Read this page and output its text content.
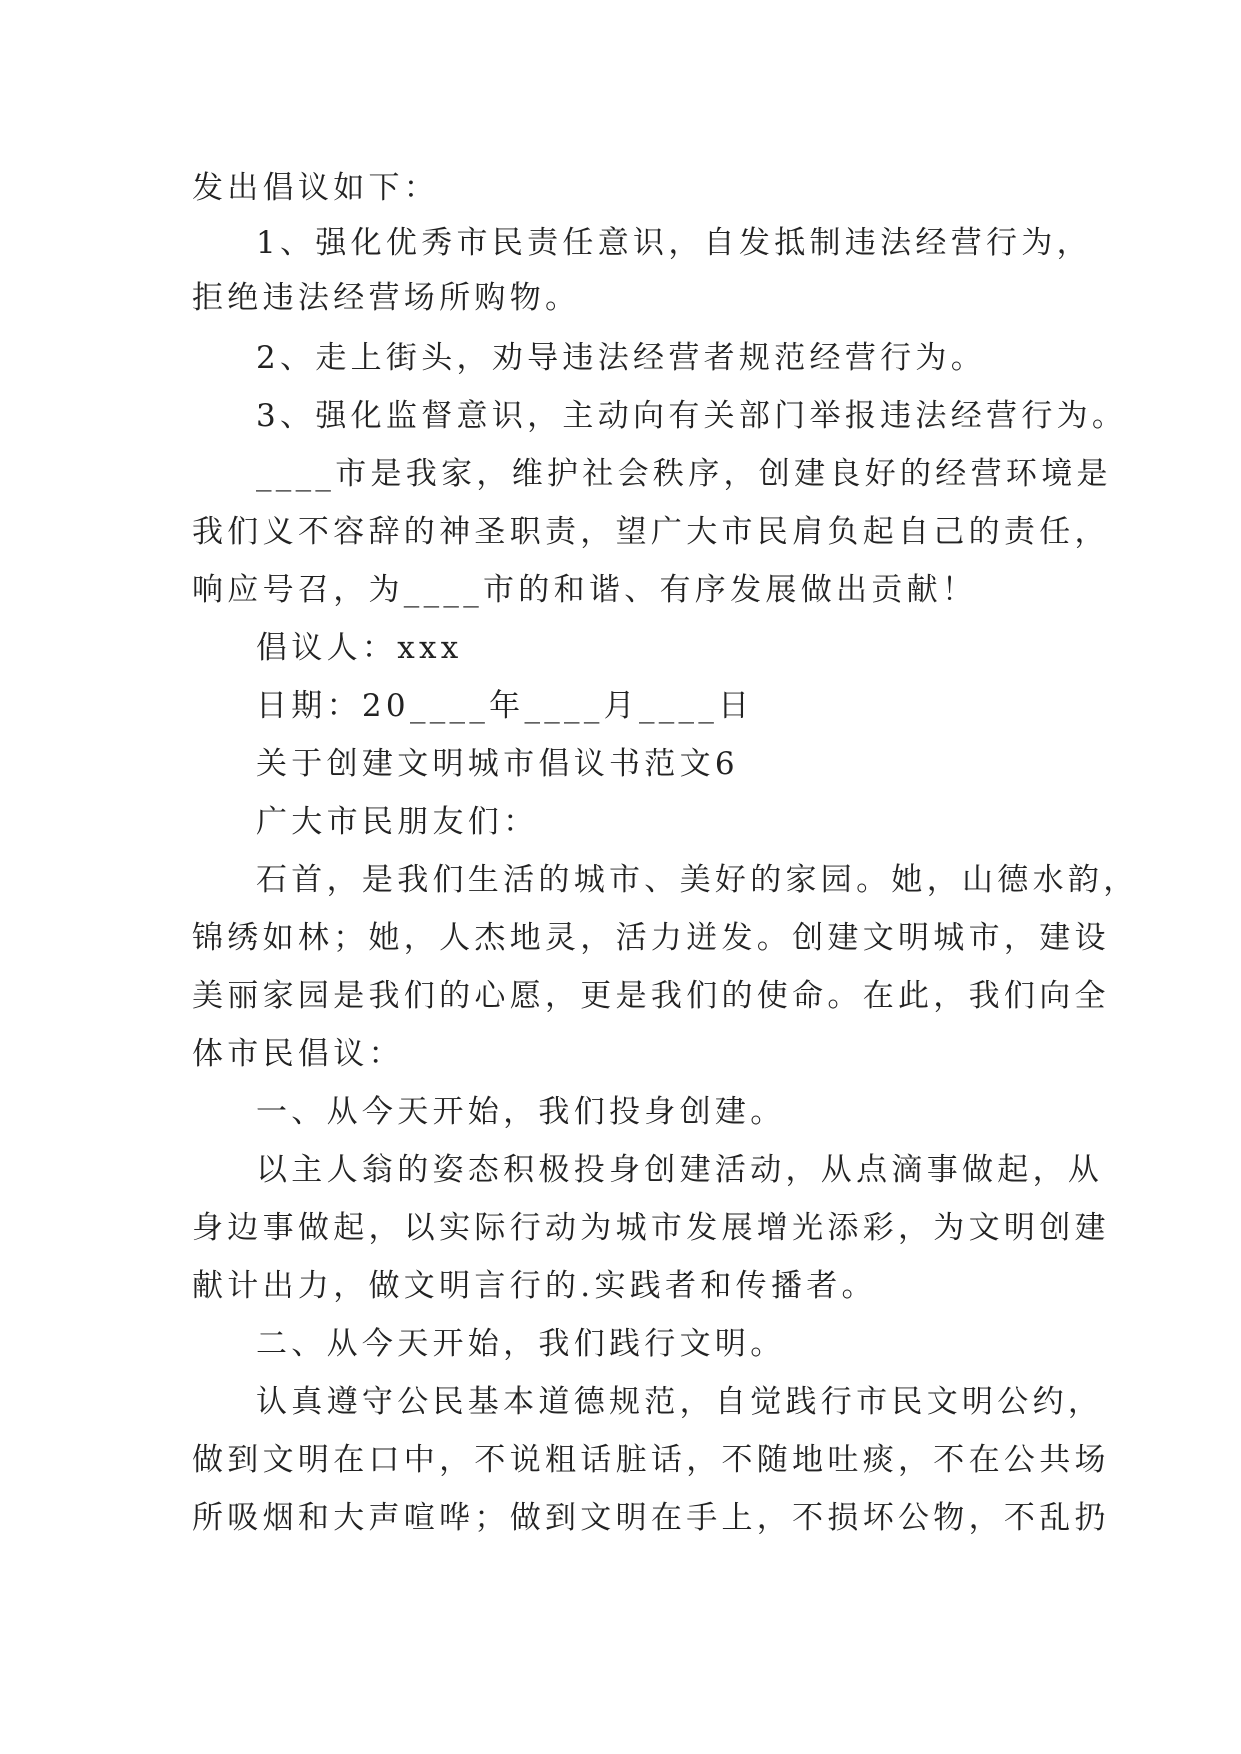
发出倡议如下：
1、强化优秀市民责任意识，自发抵制违法经营行为，
拒绝违法经营场所购物。
2、走上街头，劝导违法经营者规范经营行为。
3、强化监督意识，主动向有关部门举报违法经营行为。
____市是我家，维护社会秩序，创建良好的经营环境是
我们义不容辞的神圣职责，望广大市民肩负起自己的责任，
响应号召，为____市的和谐、有序发展做出贡献！
倡议人：xxx
日期：20____年____月____日
关于创建文明城市倡议书范文6
广大市民朋友们：
石首，是我们生活的城市、美好的家园。她，山德水韵，
锦绣如林；她，人杰地灵，活力迸发。创建文明城市，建设
美丽家园是我们的心愿，更是我们的使命。在此，我们向全
体市民倡议：
一、从今天开始，我们投身创建。
以主人翁的姿态积极投身创建活动，从点滴事做起，从
身边事做起，以实际行动为城市发展增光添彩，为文明创建
献计出力，做文明言行的.实践者和传播者。
二、从今天开始，我们践行文明。
认真遵守公民基本道德规范，自觉践行市民文明公约，
做到文明在口中，不说粗话脏话，不随地吐痰，不在公共场
所吸烟和大声喧哗；做到文明在手上，不损坏公物，不乱扔
